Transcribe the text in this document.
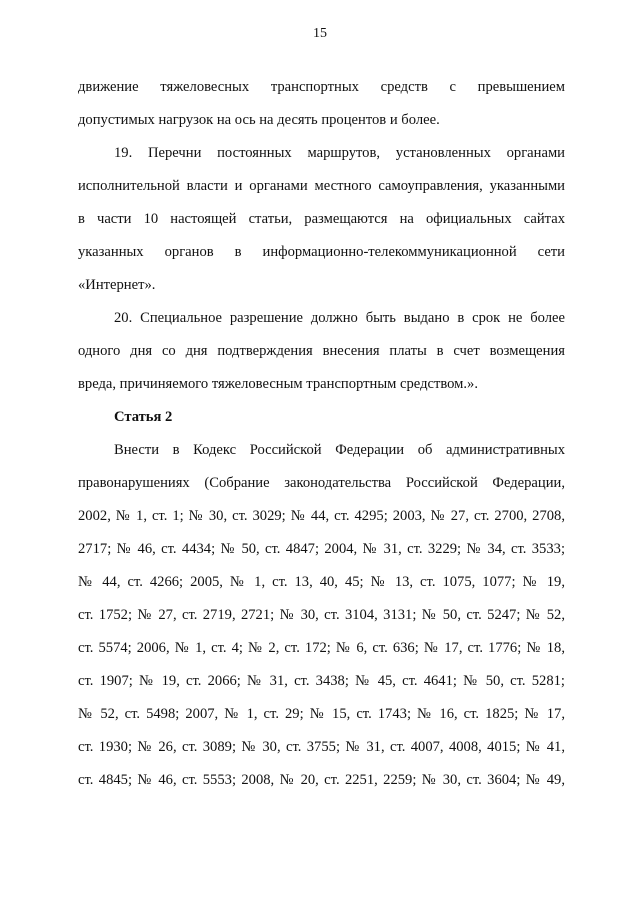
15
движение тяжеловесных транспортных средств с превышением
допустимых нагрузок на ось на десять процентов и более.
19. Перечни постоянных маршрутов, установленных органами
исполнительной власти и органами местного самоуправления, указанными
в части 10 настоящей статьи, размещаются на официальных сайтах
указанных органов в информационно-телекоммуникационной сети
«Интернет».
20. Специальное разрешение должно быть выдано в срок не более
одного дня со дня подтверждения внесения платы в счет возмещения
вреда, причиняемого тяжеловесным транспортным средством.».
Статья 2
Внести в Кодекс Российской Федерации об административных
правонарушениях (Собрание законодательства Российской Федерации,
2002, № 1, ст. 1; № 30, ст. 3029; № 44, ст. 4295; 2003, № 27, ст. 2700, 2708,
2717; № 46, ст. 4434; № 50, ст. 4847; 2004, № 31, ст. 3229; № 34, ст. 3533;
№ 44, ст. 4266; 2005, № 1, ст. 13, 40, 45; № 13, ст. 1075, 1077; № 19,
ст. 1752; № 27, ст. 2719, 2721; № 30, ст. 3104, 3131; № 50, ст. 5247; № 52,
ст. 5574; 2006, № 1, ст. 4; № 2, ст. 172; № 6, ст. 636; № 17, ст. 1776; № 18,
ст. 1907; № 19, ст. 2066; № 31, ст. 3438; № 45, ст. 4641; № 50, ст. 5281;
№ 52, ст. 5498; 2007, № 1, ст. 29; № 15, ст. 1743; № 16, ст. 1825; № 17,
ст. 1930; № 26, ст. 3089; № 30, ст. 3755; № 31, ст. 4007, 4008, 4015; № 41,
ст. 4845; № 46, ст. 5553; 2008, № 20, ст. 2251, 2259; № 30, ст. 3604; № 49,
